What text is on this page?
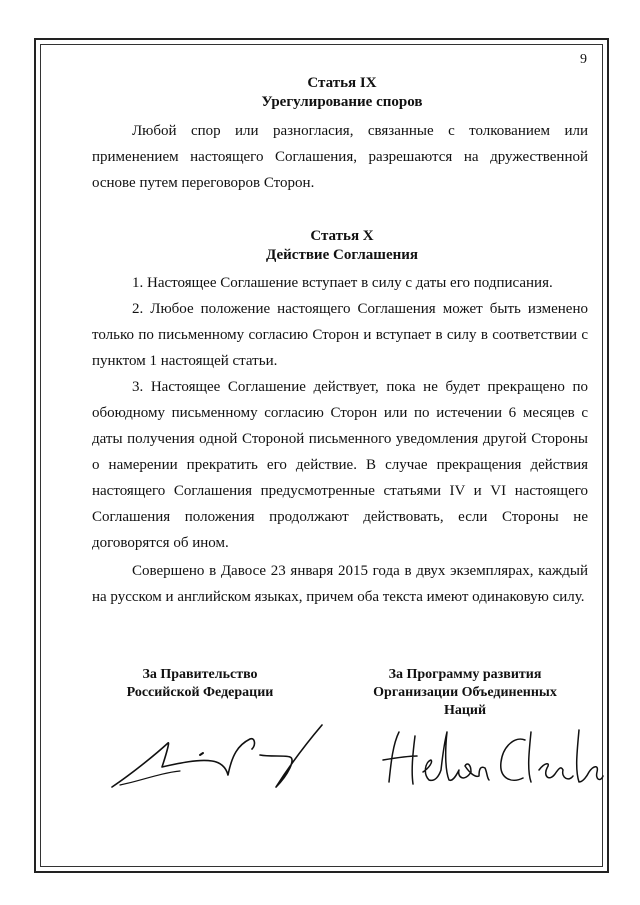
9
Статья IX
Урегулирование споров

Любой спор или разногласия, связанные с толкованием или применением настоящего Соглашения, разрешаются на дружественной основе путем переговоров Сторон.

Статья X
Действие Соглашения

1. Настоящее Соглашение вступает в силу с даты его подписания.

2. Любое положение настоящего Соглашения может быть изменено только по письменному согласию Сторон и вступает в силу в соответствии с пунктом 1 настоящей статьи.

3. Настоящее Соглашение действует, пока не будет прекращено по обоюдному письменному согласию Сторон или по истечении 6 месяцев с даты получения одной Стороной письменного уведомления другой Стороны о намерении прекратить его действие. В случае прекращения действия настоящего Соглашения предусмотренные статьями IV и VI настоящего Соглашения положения продолжают действовать, если Стороны не договорятся об ином.

Совершено в Давосе 23 января 2015 года в двух экземплярах, каждый на русском и английском языках, причем оба текста имеют одинаковую силу.

За Правительство
Российской Федерации
За Программу развития
Организации Объединенных
Наций
